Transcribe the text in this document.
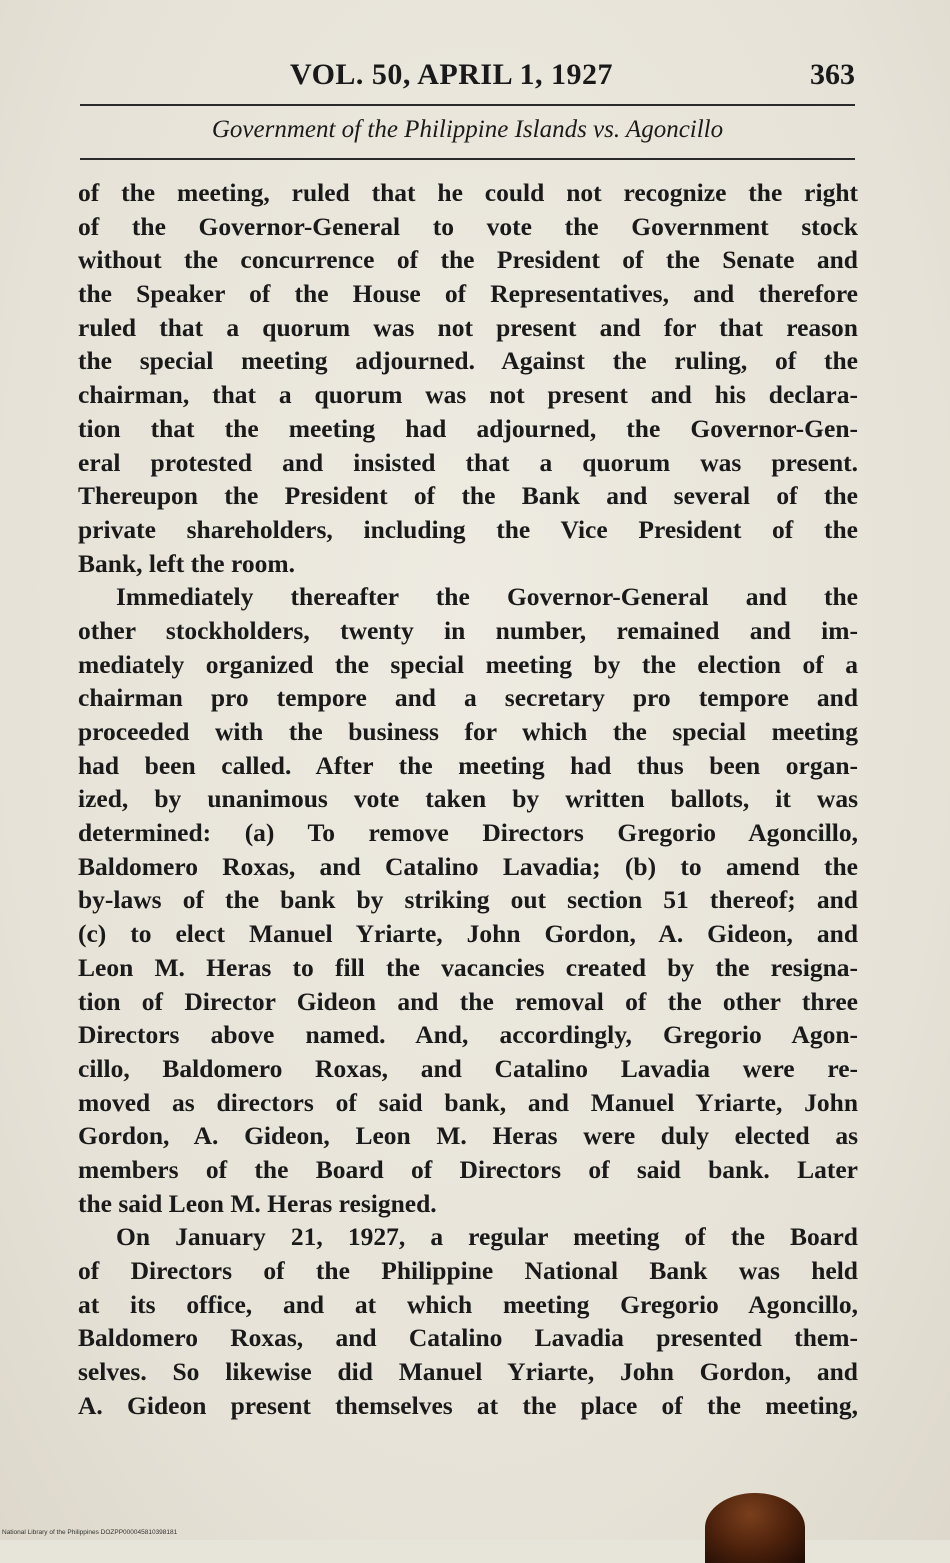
VOL. 50, APRIL 1, 1927	363
Government of the Philippine Islands vs. Agoncillo
of the meeting, ruled that he could not recognize the right
of the Governor-General to vote the Government stock
without the concurrence of the President of the Senate and
the Speaker of the House of Representatives, and therefore
ruled that a quorum was not present and for that reason
the special meeting adjourned. Against the ruling, of the
chairman, that a quorum was not present and his declara-
tion that the meeting had adjourned, the Governor-Gen-
eral protested and insisted that a quorum was present.
Thereupon the President of the Bank and several of the
private shareholders, including the Vice President of the
Bank, left the room.
Immediately thereafter the Governor-General and the
other stockholders, twenty in number, remained and im-
mediately organized the special meeting by the election of a
chairman pro tempore and a secretary pro tempore and
proceeded with the business for which the special meeting
had been called. After the meeting had thus been organ-
ized, by unanimous vote taken by written ballots, it was
determined: (a) To remove Directors Gregorio Agoncillo,
Baldomero Roxas, and Catalino Lavadia; (b) to amend the
by-laws of the bank by striking out section 51 thereof; and
(c) to elect Manuel Yriarte, John Gordon, A. Gideon, and
Leon M. Heras to fill the vacancies created by the resigna-
tion of Director Gideon and the removal of the other three
Directors above named. And, accordingly, Gregorio Agon-
cillo, Baldomero Roxas, and Catalino Lavadia were re-
moved as directors of said bank, and Manuel Yriarte, John
Gordon, A. Gideon, Leon M. Heras were duly elected as
members of the Board of Directors of said bank. Later
the said Leon M. Heras resigned.
On January 21, 1927, a regular meeting of the Board
of Directors of the Philippine National Bank was held
at its office, and at which meeting Gregorio Agoncillo,
Baldomero Roxas, and Catalino Lavadia presented them-
selves. So likewise did Manuel Yriarte, John Gordon, and
A. Gideon present themselves at the place of the meeting,
National Library of the Philippines DOZPP000045810398181
